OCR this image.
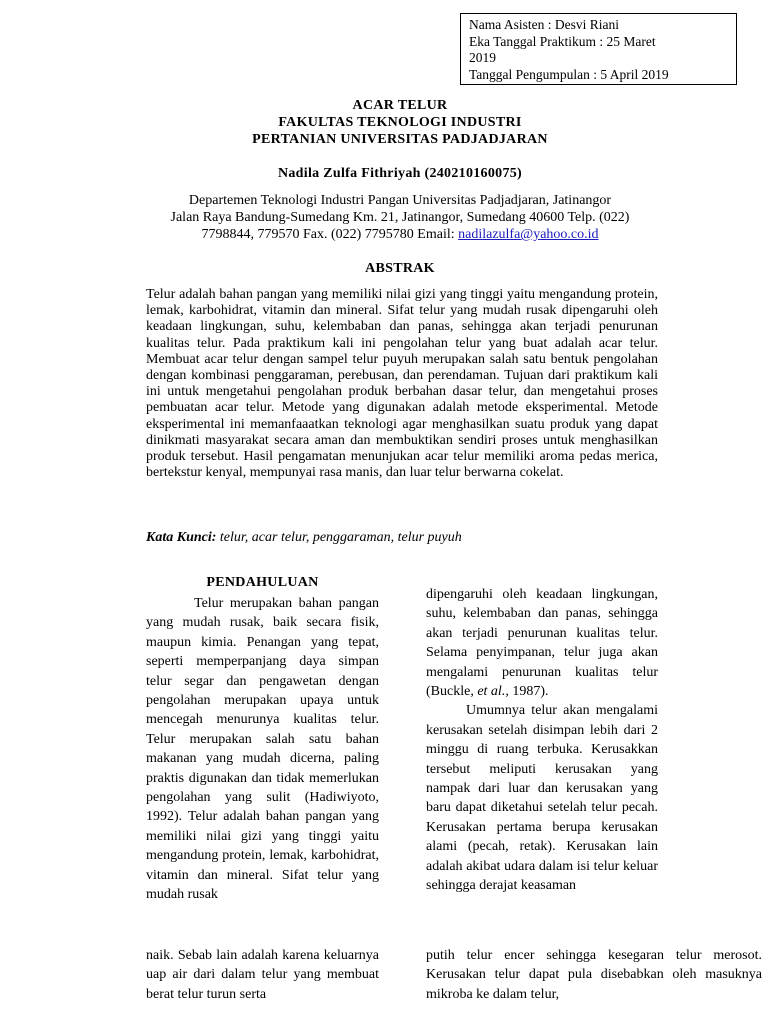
Nama Asisten : Desvi Riani
Eka Tanggal Praktikum : 25 Maret
2019
Tanggal Pengumpulan : 5 April 2019
ACAR TELUR
FAKULTAS TEKNOLOGI INDUSTRI
PERTANIAN UNIVERSITAS PADJADJARAN
Nadila Zulfa Fithriyah (240210160075)
Departemen Teknologi Industri Pangan Universitas Padjadjaran, Jatinangor
Jalan Raya Bandung-Sumedang Km. 21, Jatinangor, Sumedang 40600 Telp. (022)
7798844, 779570 Fax. (022) 7795780 Email: nadilazulfa@yahoo.co.id
ABSTRAK

Telur adalah bahan pangan yang memiliki nilai gizi yang tinggi yaitu mengandung protein, lemak, karbohidrat, vitamin dan mineral. Sifat telur yang mudah rusak dipengaruhi oleh keadaan lingkungan, suhu, kelembaban dan panas, sehingga akan terjadi penurunan kualitas telur. Pada praktikum kali ini pengolahan telur yang buat adalah acar telur. Membuat acar telur dengan sampel telur puyuh merupakan salah satu bentuk pengolahan dengan kombinasi penggaraman, perebusan, dan perendaman. Tujuan dari praktikum kali ini untuk mengetahui pengolahan produk berbahan dasar telur, dan mengetahui proses pembuatan acar telur. Metode yang digunakan adalah metode eksperimental. Metode eksperimental ini memanfaaatkan teknologi agar menghasilkan suatu produk yang dapat dinikmati masyarakat secara aman dan membuktikan sendiri proses untuk menghasilkan produk tersebut. Hasil pengamatan menunjukan acar telur memiliki aroma pedas merica, bertekstur kenyal, mempunyai rasa manis, dan luar telur berwarna cokelat.

Kata Kunci: telur, acar telur, penggaraman, telur puyuh
PENDAHULUAN

Telur merupakan bahan pangan yang mudah rusak, baik secara fisik, maupun kimia. Penangan yang tepat, seperti memperpanjang daya simpan telur segar dan pengawetan dengan pengolahan merupakan upaya untuk mencegah menurunya kualitas telur. Telur merupakan salah satu bahan makanan yang mudah dicerna, paling praktis digunakan dan tidak memerlukan pengolahan yang sulit (Hadiwiyoto, 1992). Telur adalah bahan pangan yang memiliki nilai gizi yang tinggi yaitu mengandung protein, lemak, karbohidrat, vitamin dan mineral. Sifat telur yang mudah rusak

dipengaruhi oleh keadaan lingkungan, suhu, kelembaban dan panas, sehingga akan terjadi penurunan kualitas telur. Selama penyimpanan, telur juga akan mengalami penurunan kualitas telur (Buckle, et al., 1987).

Umumnya telur akan mengalami kerusakan setelah disimpan lebih dari 2 minggu di ruang terbuka. Kerusakkan tersebut meliputi kerusakan yang nampak dari luar dan kerusakan yang baru dapat diketahui setelah telur pecah. Kerusakan pertama berupa kerusakan alami (pecah, retak). Kerusakan lain adalah akibat udara dalam isi telur keluar sehingga derajat keasaman

naik. Sebab lain adalah karena keluarnya uap air dari dalam telur yang membuat berat telur turun serta
putih telur encer sehingga kesegaran telur merosot. Kerusakan telur dapat pula disebabkan oleh masuknya mikroba ke dalam telur,
